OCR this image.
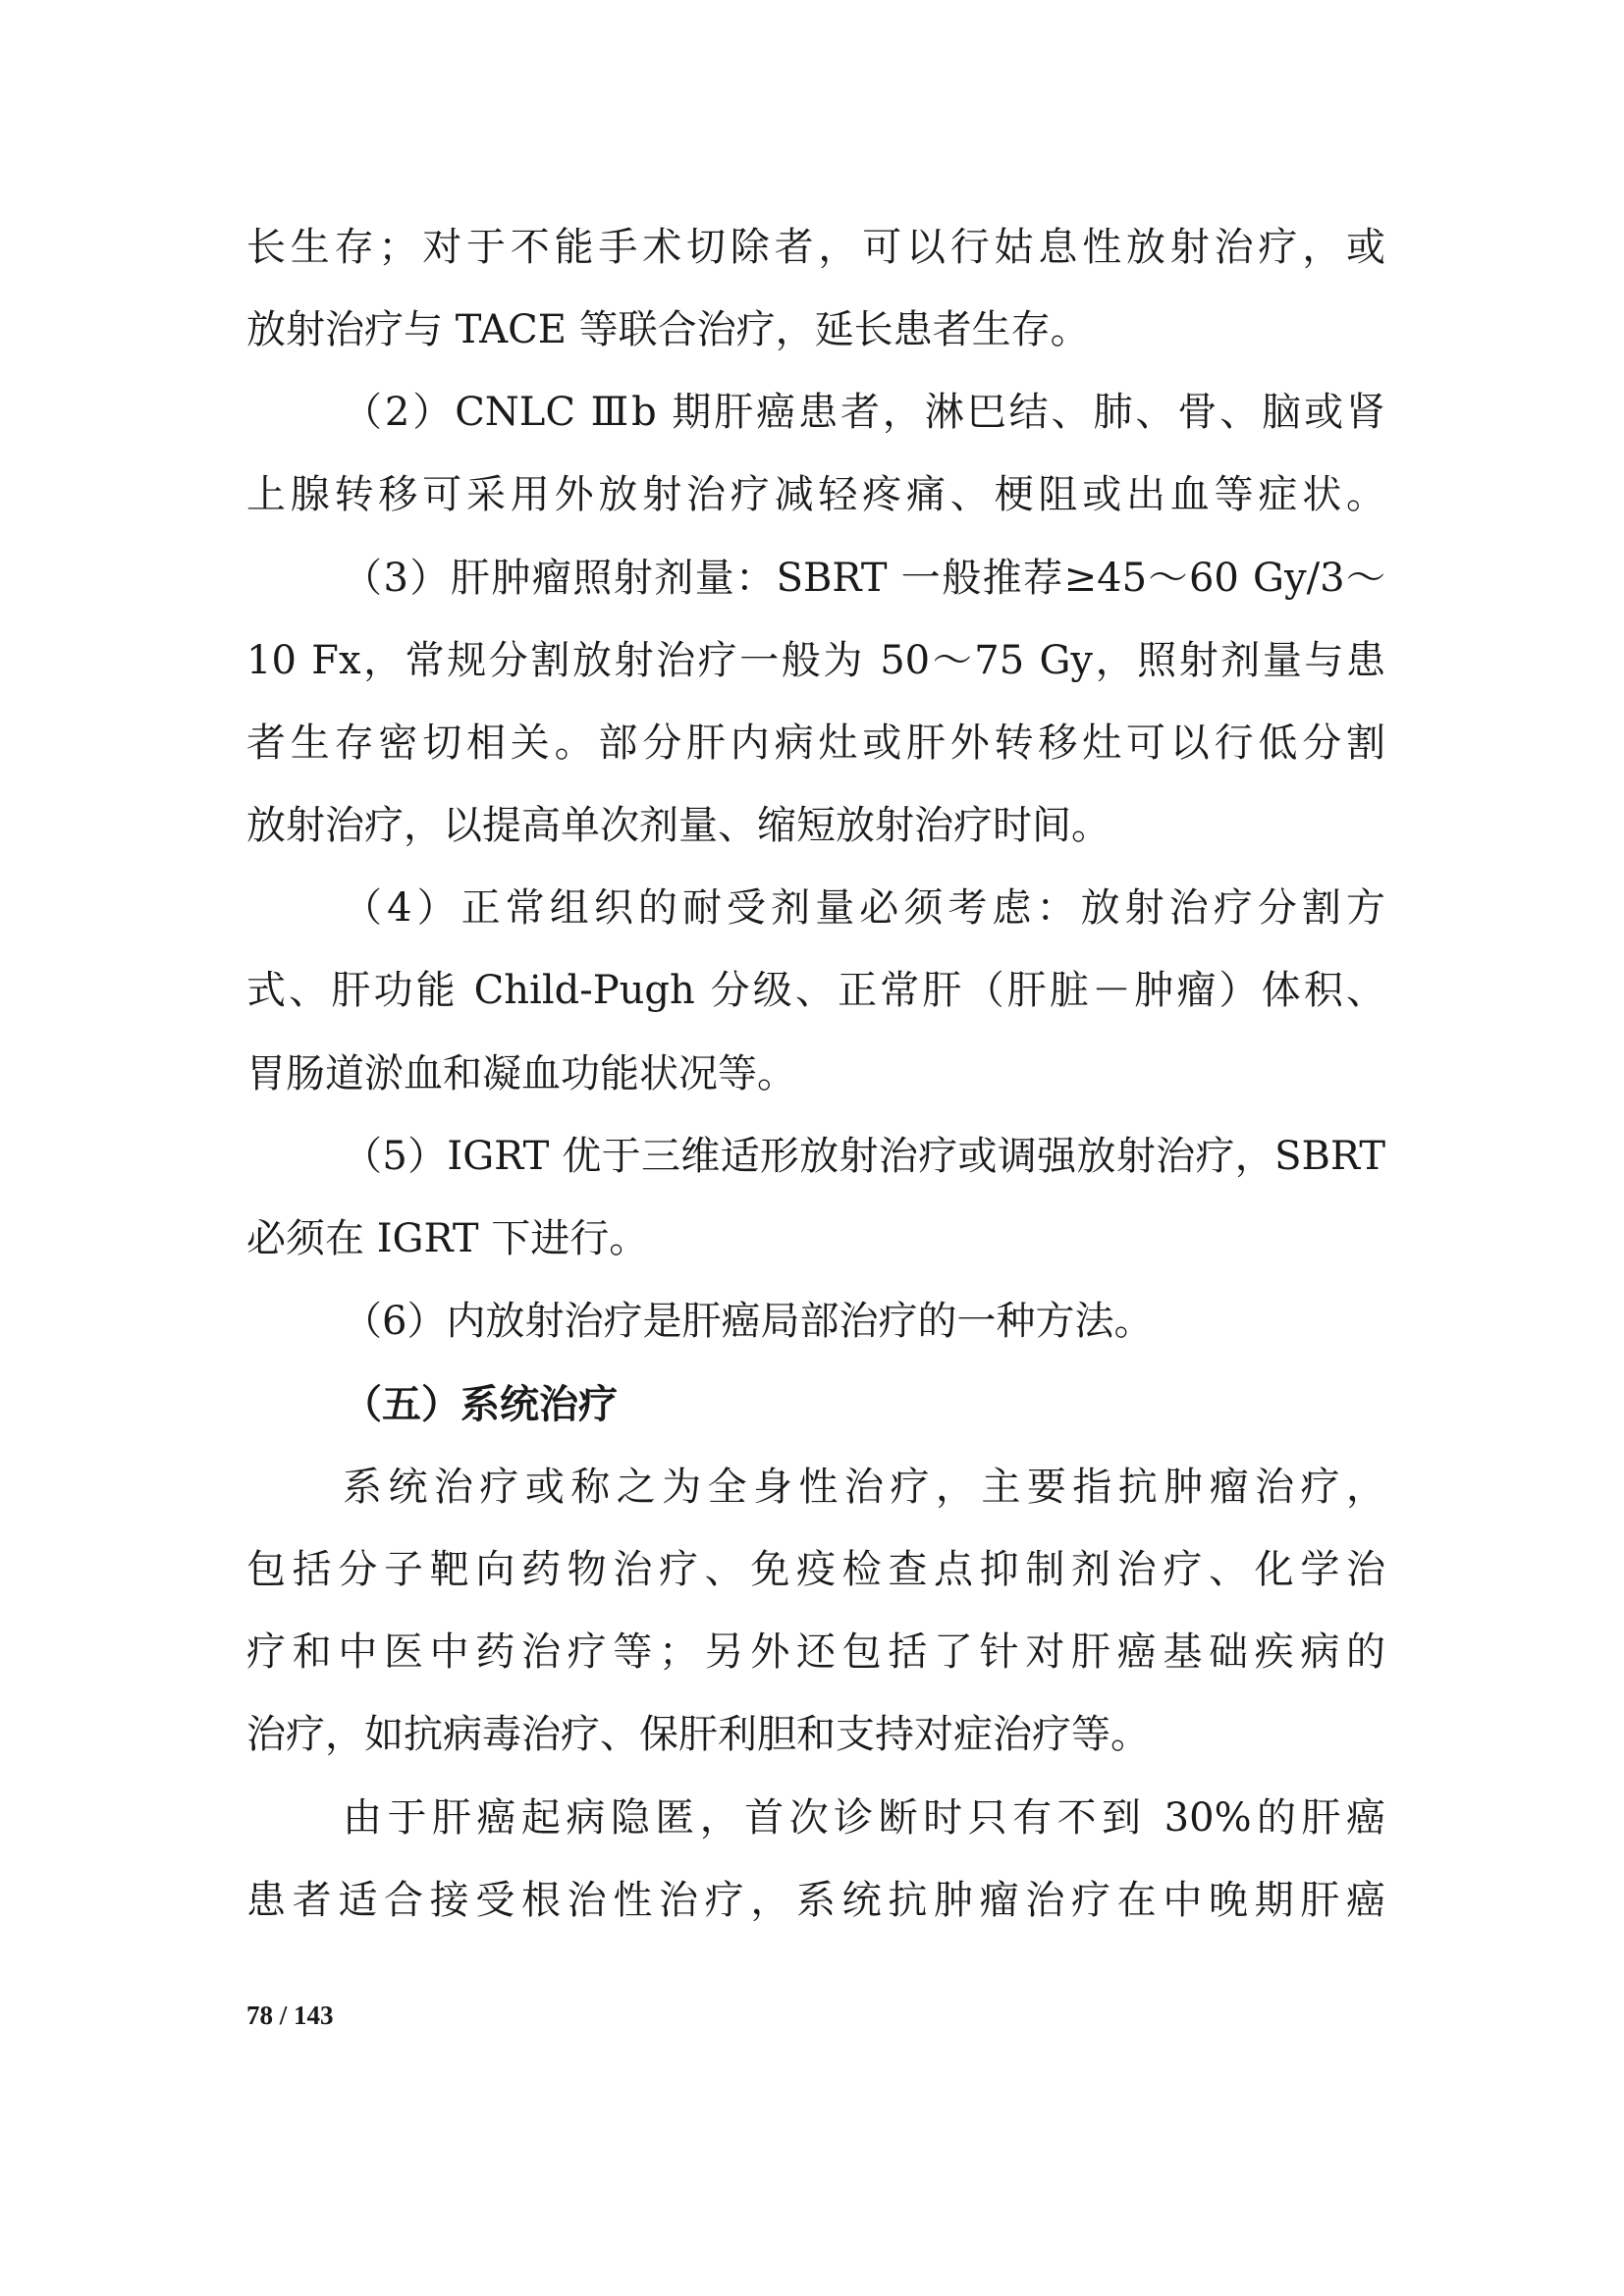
长生存；对于不能手术切除者，可以行姑息性放射治疗，或
放射治疗与 TACE 等联合治疗，延长患者生存。
（2）CNLC Ⅲb 期肝癌患者，淋巴结、肺、骨、脑或肾
上腺转移可采用外放射治疗减轻疼痛、梗阻或出血等症状。
（3）肝肿瘤照射剂量：SBRT 一般推荐≥45～60 Gy/3～
10 Fx，常规分割放射治疗一般为 50～75 Gy，照射剂量与患
者生存密切相关。部分肝内病灶或肝外转移灶可以行低分割
放射治疗，以提高单次剂量、缩短放射治疗时间。
（4）正常组织的耐受剂量必须考虑：放射治疗分割方
式、肝功能 Child-Pugh 分级、正常肝（肝脏－肿瘤）体积、
胃肠道淤血和凝血功能状况等。
（5）IGRT 优于三维适形放射治疗或调强放射治疗，SBRT
必须在 IGRT 下进行。
（6）内放射治疗是肝癌局部治疗的一种方法。
（五）系统治疗
系统治疗或称之为全身性治疗，主要指抗肿瘤治疗，
包括分子靶向药物治疗、免疫检查点抑制剂治疗、化学治
疗和中医中药治疗等；另外还包括了针对肝癌基础疾病的
治疗，如抗病毒治疗、保肝利胆和支持对症治疗等。
由于肝癌起病隐匿，首次诊断时只有不到 30%的肝癌
患者适合接受根治性治疗，系统抗肿瘤治疗在中晚期肝癌
78 / 143
